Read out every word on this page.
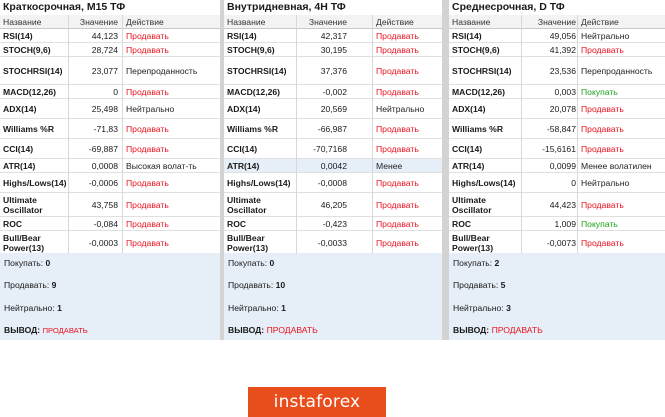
Краткосрочная, M15 ТФ
Название	Значение Действие
RSI(14)	44,123 Продавать
STOCH(9,6)	28,724 Продавать
STOCHRSI(14)	23,077 Перепроданность
MACD(12,26)	0 Продавать
ADX(14)	25,498 Нейтрально
Williams %R	-71,83 Продавать
CCI(14)	-69,887 Продавать
ATR(14)	0,0008 Высокая волат-ть
Highs/Lows(14)	-0,0006 Продавать
Ultimate Oscillator	43,758 Продавать
ROC	-0,084 Продавать
Bull/Bear Power(13)	-0,0003 Продавать
Покупать: 0
Продавать: 9
Нейтрально: 1
ВЫВОД: ПРОДАВАТЬ
Внутридневная, 4H ТФ
Название	Значение	Действие
RSI(14)	42,317	Продавать
STOCH(9,6)	30,195	Продавать
STOCHRSI(14)	37,376	Продавать
MACD(12,26)	-0,002	Продавать
ADX(14)	20,569	Нейтрально
Williams %R	-66,987	Продавать
CCI(14)	-70,7168	Продавать
ATR(14)	0,0042	Менее
Highs/Lows(14)	-0,0008	Продавать
Ultimate Oscillator	46,205	Продавать
ROC	-0,423	Продавать
Bull/Bear Power(13)	-0,0033	Продавать
Покупать: 0
Продавать: 10
Нейтрально: 1
ВЫВОД: ПРОДАВАТЬ
Среднесрочная, D ТФ
Название	Значение Действие
RSI(14)	49,056 Нейтрально
STOCH(9,6)	41,392 Продавать
STOCHRSI(14)	23,536 Перепроданность
MACD(12,26)	0,003 Покупать
ADX(14)	20,078 Продавать
Williams %R	-58,847 Продавать
CCI(14)	-15,6161 Продавать
ATR(14)	0,0099 Менее волатилен
Highs/Lows(14)	0 Нейтрально
Ultimate Oscillator	44,423 Продавать
ROC	1,009 Покупать
Bull/Bear Power(13)	-0,0073 Продавать
Покупать: 2
Продавать: 5
Нейтрально: 3
ВЫВОД: ПРОДАВАТЬ
instaforex
